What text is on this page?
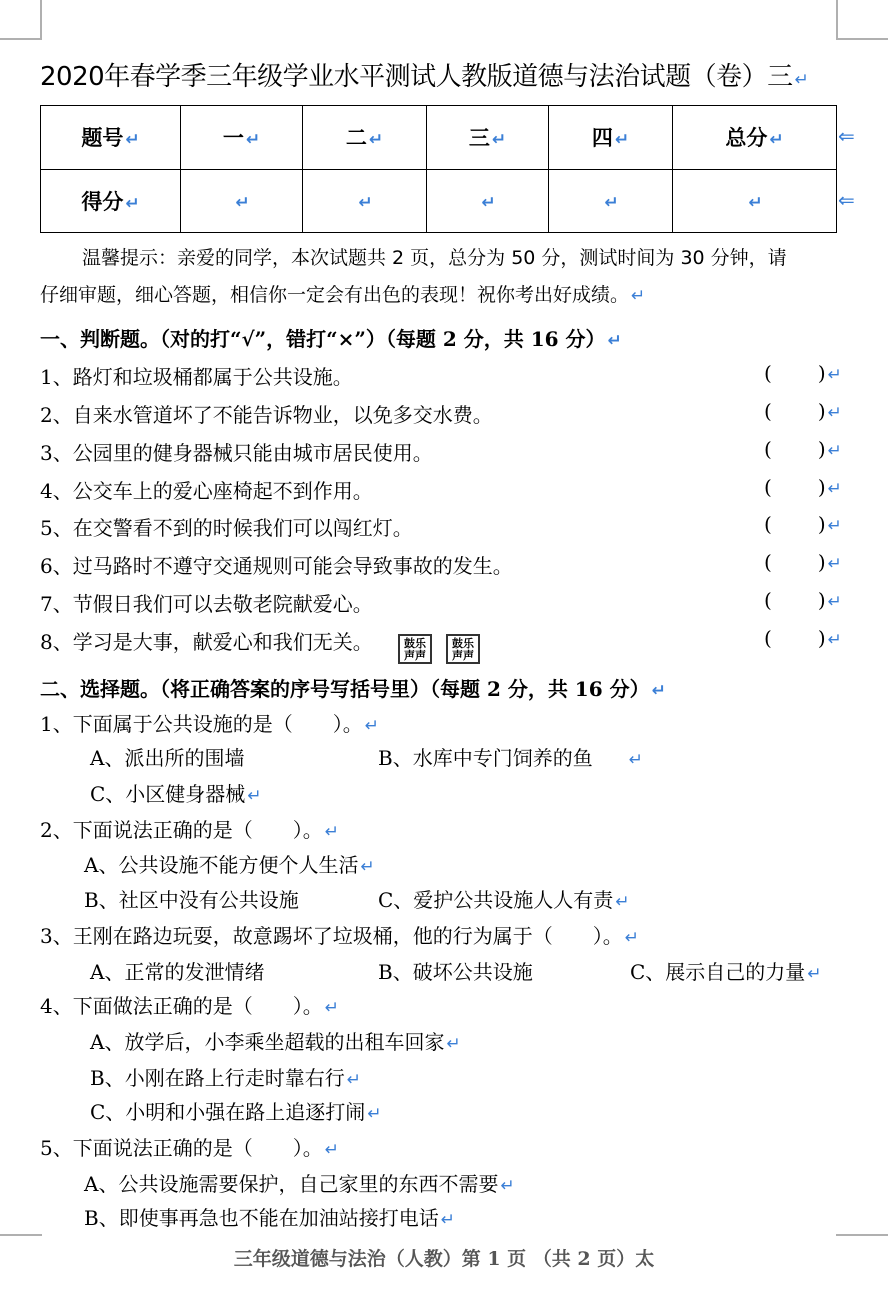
2020年春学季三年级学业水平测试人教版道德与法治试题（卷）三 ↵
题号 ↵	一 ↵	二 ↵	三 ↵	四 ↵	总分 ↵
得分 ↵	↵	↵	↵	↵	↵
⇐
⇐
温馨提示：亲爱的同学，本次试题共 2 页，总分为 50 分，测试时间为 30 分钟，请
仔细审题，细心答题，相信你一定会有出色的表现！祝你考出好成绩。 ↵
一、判断题。（对的打“√”，错打“×”）（每题 2 分，共 16 分） ↵
1、路灯和垃圾桶都属于公共设施。	( ) ↵
2、自来水管道坏了不能告诉物业，以免多交水费。	( ) ↵
3、公园里的健身器械只能由城市居民使用。	( ) ↵
4、公交车上的爱心座椅起不到作用。	( ) ↵
5、在交警看不到的时候我们可以闯红灯。	( ) ↵
6、过马路时不遵守交通规则可能会导致事故的发生。	( ) ↵
7、节假日我们可以去敬老院献爱心。	( ) ↵
8、学习是大事，献爱心和我们无关。	( ) ↵
鼓乐
声声
鼓乐
声声
二、选择题。（将正确答案的序号写括号里）（每题 2 分，共 16 分） ↵
1、下面属于公共设施的是（　　）。 ↵
A、派出所的围墙	B、水库中专门饲养的鱼 ↵
C、小区健身器械 ↵
2、下面说法正确的是（　　）。 ↵
A、公共设施不能方便个人生活 ↵
B、社区中没有公共设施	C、爱护公共设施人人有责 ↵
3、王刚在路边玩耍，故意踢坏了垃圾桶，他的行为属于（　　）。 ↵
A、正常的发泄情绪	B、破坏公共设施	C、展示自己的力量 ↵
4、下面做法正确的是（　　）。 ↵
A、放学后，小李乘坐超载的出租车回家 ↵
B、小刚在路上行走时靠右行 ↵
C、小明和小强在路上追逐打闹 ↵
5、下面说法正确的是（　　）。 ↵
A、公共设施需要保护，自己家里的东西不需要 ↵
B、即使事再急也不能在加油站接打电话 ↵
三年级道德与法治（人教）第 1 页 （共 2 页）太
